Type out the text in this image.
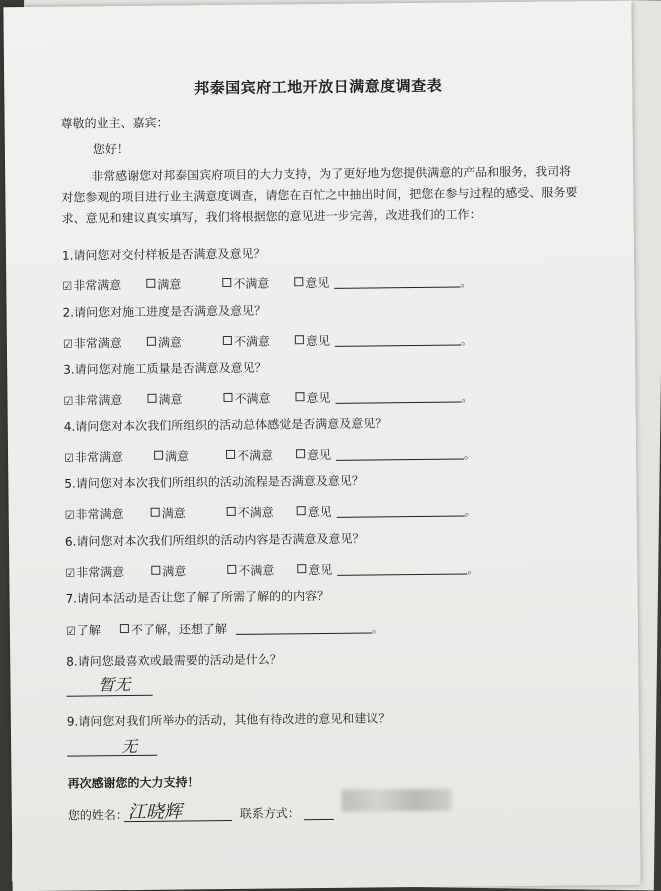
邦泰国宾府工地开放日满意度调查表
尊敬的业主、嘉宾：
您好！
非常感谢您对邦泰国宾府项目的大力支持，为了更好地为您提供满意的产品和服务，我司将对您参观的项目进行业主满意度调查，请您在百忙之中抽出时间，把您在参与过程的感受、服务要求、意见和建议真实填写，我们将根据您的意见进一步完善，改进我们的工作：
1.请问您对交付样板是否满意及意见？
☑非常满意	满意	不满意	意见	。
2.请问您对施工进度是否满意及意见？
☑非常满意	满意	不满意	意见	。
3.请问您对施工质量是否满意及意见？
☑非常满意	满意	不满意	意见	。
4.请问您对本次我们所组织的活动总体感觉是否满意及意见？
☑非常满意	满意	不满意	意见	。
5.请问您对本次我们所组织的活动流程是否满意及意见？
☑非常满意	满意	不满意	意见	。
6.请问您对本次我们所组织的活动内容是否满意及意见？
☑非常满意	满意	不满意	意见	。
7.请问本活动是否让您了解了所需了解的的内容？
☑了解	不了解，还想了解	。
8.请问您最喜欢或最需要的活动是什么？
暂无
9.请问您对我们所举办的活动，其他有待改进的意见和建议？
无
再次感谢您的大力支持！
您的姓名： 江晓辉	联系方式：
